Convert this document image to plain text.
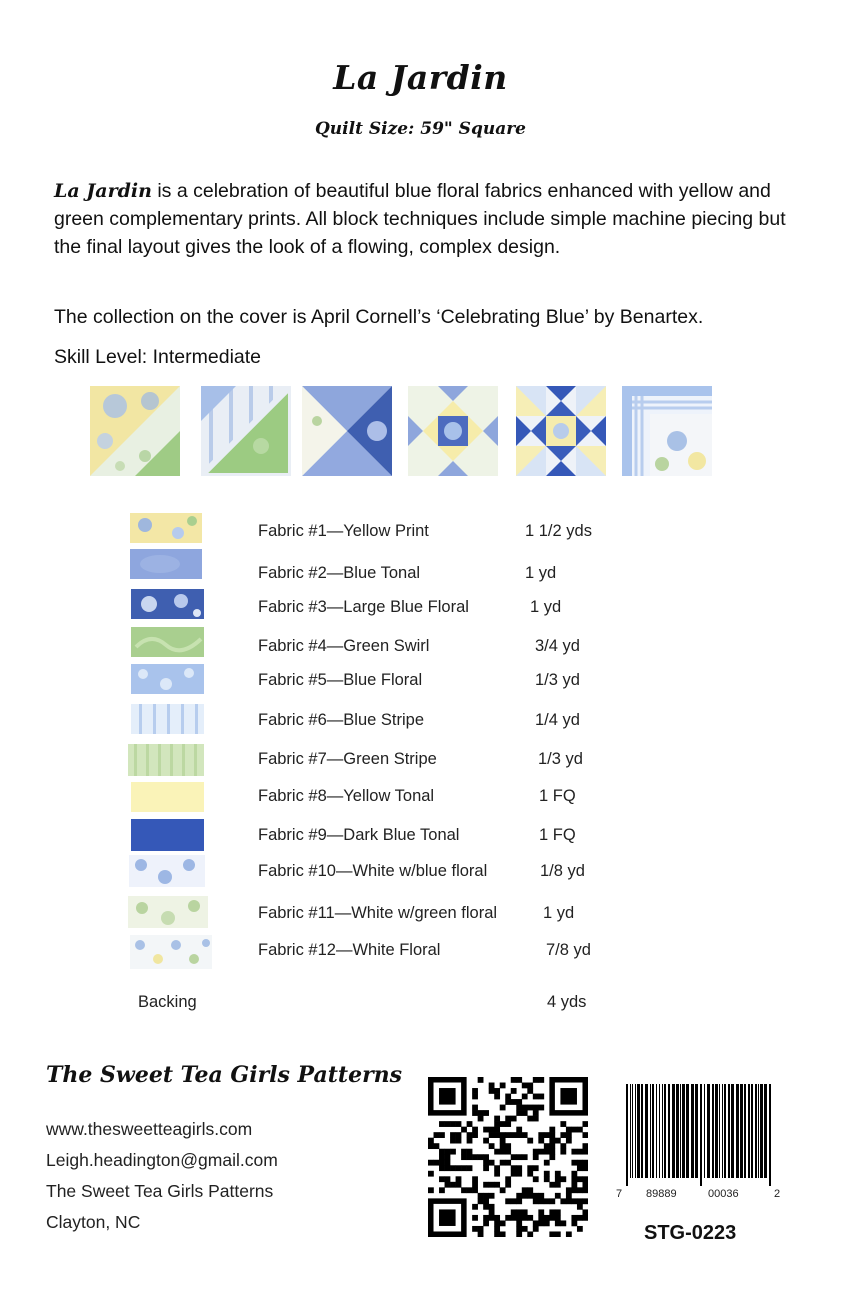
La Jardin
Quilt Size: 59" Square
La Jardin is a celebration of beautiful blue floral fabrics enhanced with yellow and green complementary prints. All block techniques include simple machine piecing but the final layout gives the look of a flowing, complex design.
The collection on the cover is April Cornell’s ‘Celebrating Blue’ by Benartex.
Skill Level: Intermediate
Fabric #1—Yellow Print	1 1/2 yds
Fabric #2—Blue Tonal	1 yd
Fabric #3—Large Blue Floral	1 yd
Fabric #4—Green Swirl	3/4 yd
Fabric #5—Blue Floral	1/3 yd
Fabric #6—Blue Stripe	1/4 yd
Fabric #7—Green Stripe	1/3 yd
Fabric #8—Yellow Tonal	1 FQ
Fabric #9—Dark Blue Tonal	1 FQ
Fabric #10—White w/blue floral	1/8 yd
Fabric #11—White w/green floral	1 yd
Fabric #12—White Floral	7/8 yd
Backing	4 yds
The Sweet Tea Girls Patterns
www.thesweetteagirls.com
Leigh.headington@gmail.com
The Sweet Tea Girls Patterns
Clayton, NC
7 89889	00036	2
STG-0223
